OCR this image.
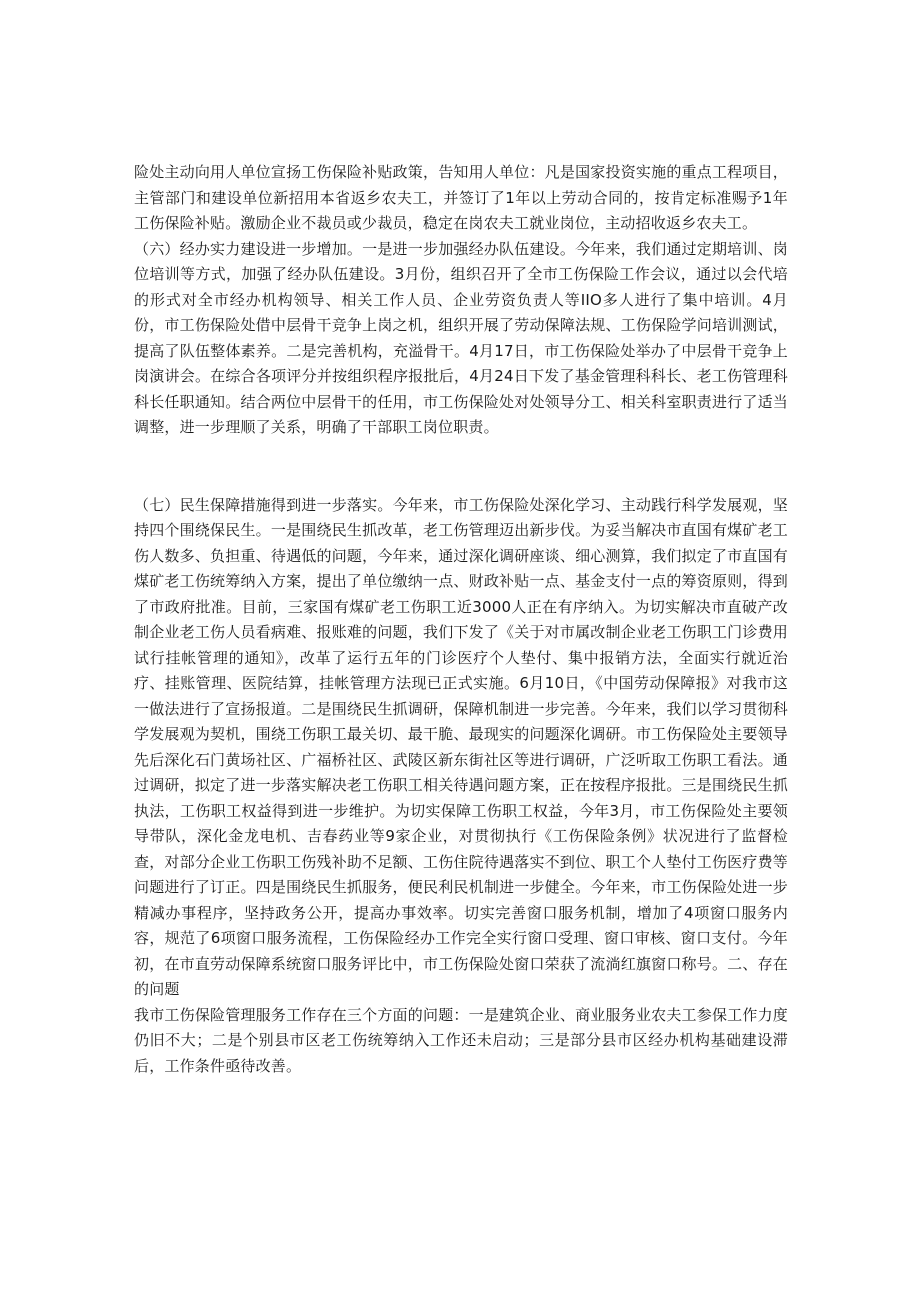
险处主动向用人单位宣扬工伤保险补贴政策，告知用人单位：凡是国家投资实施的重点工程项目，主管部门和建设单位新招用本省返乡农夫工，并签订了1年以上劳动合同的，按肯定标准赐予1年工伤保险补贴。激励企业不裁员或少裁员，稳定在岗农夫工就业岗位，主动招收返乡农夫工。

（六）经办实力建设进一步增加。一是进一步加强经办队伍建设。今年来，我们通过定期培训、岗位培训等方式，加强了经办队伍建设。3月份，组织召开了全市工伤保险工作会议，通过以会代培的形式对全市经办机构领导、相关工作人员、企业劳资负责人等IIO多人进行了集中培训。4月份，市工伤保险处借中层骨干竞争上岗之机，组织开展了劳动保障法规、工伤保险学问培训测试，提高了队伍整体素养。二是完善机构，充溢骨干。4月17日，市工伤保险处举办了中层骨干竞争上岗演讲会。在综合各项评分并按组织程序报批后，4月24日下发了基金管理科科长、老工伤管理科科长任职通知。结合两位中层骨干的任用，市工伤保险处对处领导分工、相关科室职责进行了适当调整，进一步理顺了关系，明确了干部职工岗位职责。

（七）民生保障措施得到进一步落实。今年来，市工伤保险处深化学习、主动践行科学发展观，坚持四个围绕保民生。一是围绕民生抓改革，老工伤管理迈出新步伐。为妥当解决市直国有煤矿老工伤人数多、负担重、待遇低的问题，今年来，通过深化调研座谈、细心测算，我们拟定了市直国有煤矿老工伤统筹纳入方案，提出了单位缴纳一点、财政补贴一点、基金支付一点的筹资原则，得到了市政府批准。目前，三家国有煤矿老工伤职工近3000人正在有序纳入。为切实解决市直破产改制企业老工伤人员看病难、报账难的问题，我们下发了《关于对市属改制企业老工伤职工门诊费用试行挂帐管理的通知》，改革了运行五年的门诊医疗个人垫付、集中报销方法，全面实行就近治疗、挂账管理、医院结算，挂帐管理方法现已正式实施。6月10日，《中国劳动保障报》对我市这一做法进行了宣扬报道。二是围绕民生抓调研，保障机制进一步完善。今年来，我们以学习贯彻科学发展观为契机，围绕工伤职工最关切、最干脆、最现实的问题深化调研。市工伤保险处主要领导先后深化石门黄场社区、广福桥社区、武陵区新东街社区等进行调研，广泛听取工伤职工看法。通过调研，拟定了进一步落实解决老工伤职工相关待遇问题方案，正在按程序报批。三是围绕民生抓执法，工伤职工权益得到进一步维护。为切实保障工伤职工权益，今年3月，市工伤保险处主要领导带队，深化金龙电机、吉春药业等9家企业，对贯彻执行《工伤保险条例》状况进行了监督检查，对部分企业工伤职工伤残补助不足额、工伤住院待遇落实不到位、职工个人垫付工伤医疗费等问题进行了订正。四是围绕民生抓服务，便民利民机制进一步健全。今年来，市工伤保险处进一步精减办事程序，坚持政务公开，提高办事效率。切实完善窗口服务机制，增加了4项窗口服务内容，规范了6项窗口服务流程，工伤保险经办工作完全实行窗口受理、窗口审核、窗口支付。今年初，在市直劳动保障系统窗口服务评比中，市工伤保险处窗口荣获了流淌红旗窗口称号。二、存在的问题

我市工伤保险管理服务工作存在三个方面的问题：一是建筑企业、商业服务业农夫工参保工作力度仍旧不大；二是个别县市区老工伤统筹纳入工作还未启动；三是部分县市区经办机构基础建设滞后，工作条件亟待改善。
